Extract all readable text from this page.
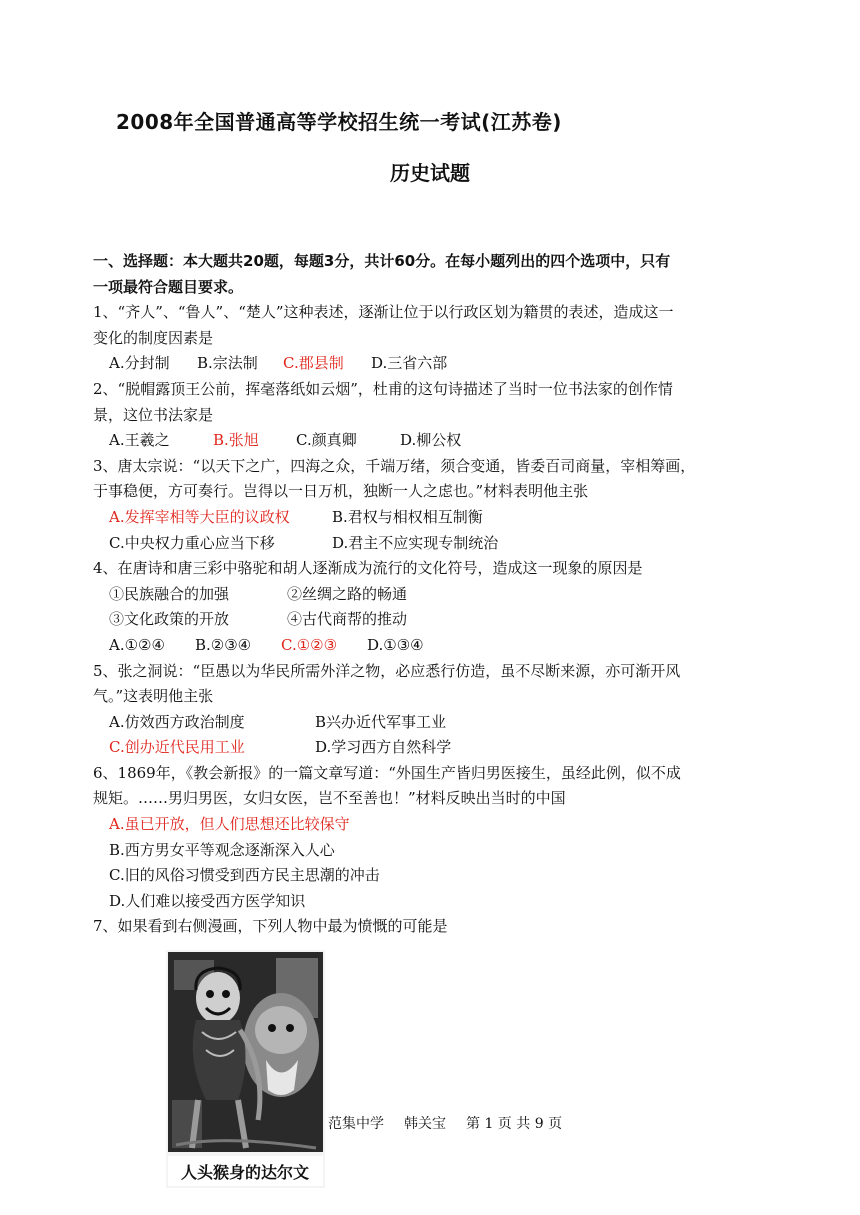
2008年全国普通高等学校招生统一考试(江苏卷)
历史试题
一、选择题：本大题共20题，每题3分，共计60分。在每小题列出的四个选项中，只有
一项最符合题目要求。
1、“齐人”、“鲁人”、“楚人”这种表述，逐渐让位于以行政区划为籍贯的表述，造成这一
变化的制度因素是
A.分封制 B.宗法制 C.郡县制 D.三省六部
2、“脱帽露顶王公前，挥毫落纸如云烟”，杜甫的这句诗描述了当时一位书法家的创作情
景，这位书法家是
A.王羲之	B.张旭 C.颜真卿	D.柳公权
3、唐太宗说：“以天下之广，四海之众，千端万绪，须合变通，皆委百司商量，宰相筹画，
于事稳便，方可奏行。岂得以一日万机，独断一人之虑也。”材料表明他主张
A.发挥宰相等大臣的议政权	B.君权与相权相互制衡
C.中央权力重心应当下移	D.君主不应实现专制统治
4、在唐诗和唐三彩中骆驼和胡人逐渐成为流行的文化符号，造成这一现象的原因是
①民族融合的加强	②丝绸之路的畅通
③文化政策的开放	④古代商帮的推动
A.①②④ B.②③④ C.①②③ D.①③④
5、张之洞说：“臣愚以为华民所需外洋之物，必应悉行仿造，虽不尽断来源，亦可渐开风
气。”这表明他主张
A.仿效西方政治制度	B兴办近代军事工业
C.创办近代民用工业	D.学习西方自然科学
6、1869年，《教会新报》的一篇文章写道：“外国生产皆归男医接生，虽经此例，似不成
规矩。……男归男医，女归女医，岂不至善也！”材料反映出当时的中国
A.虽已开放，但人们思想还比较保守
B.西方男女平等观念逐渐深入人心
C.旧的风俗习惯受到西方民主思潮的冲击
D.人们难以接受西方医学知识
7、如果看到右侧漫画，下列人物中最为愤慨的可能是
人头猴身的达尔文
范集中学 韩关宝 第 1 页 共 9 页
